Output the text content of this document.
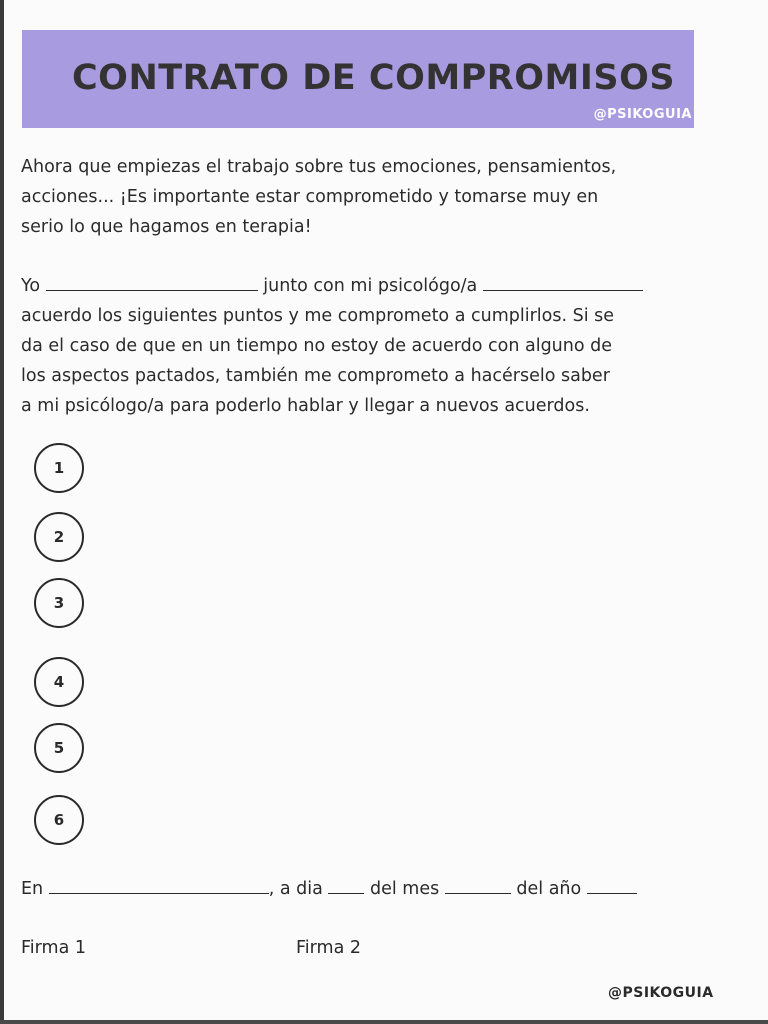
CONTRATO DE COMPROMISOS
@PSIKOGUIA
Ahora que empiezas el trabajo sobre tus emociones, pensamientos,
acciones... ¡Es importante estar comprometido y tomarse muy en
serio lo que hagamos en terapia!
Yo	junto con mi psicológo/a
acuerdo los siguientes puntos y me comprometo a cumplirlos. Si se
da el caso de que en un tiempo no estoy de acuerdo con alguno de
los aspectos pactados, también me comprometo a hacérselo saber
a mi psicólogo/a para poderlo hablar y llegar a nuevos acuerdos.
1
2
3
4
5
6
En	, a dia	del mes	del año
Firma 1	Firma 2
@PSIKOGUIA
